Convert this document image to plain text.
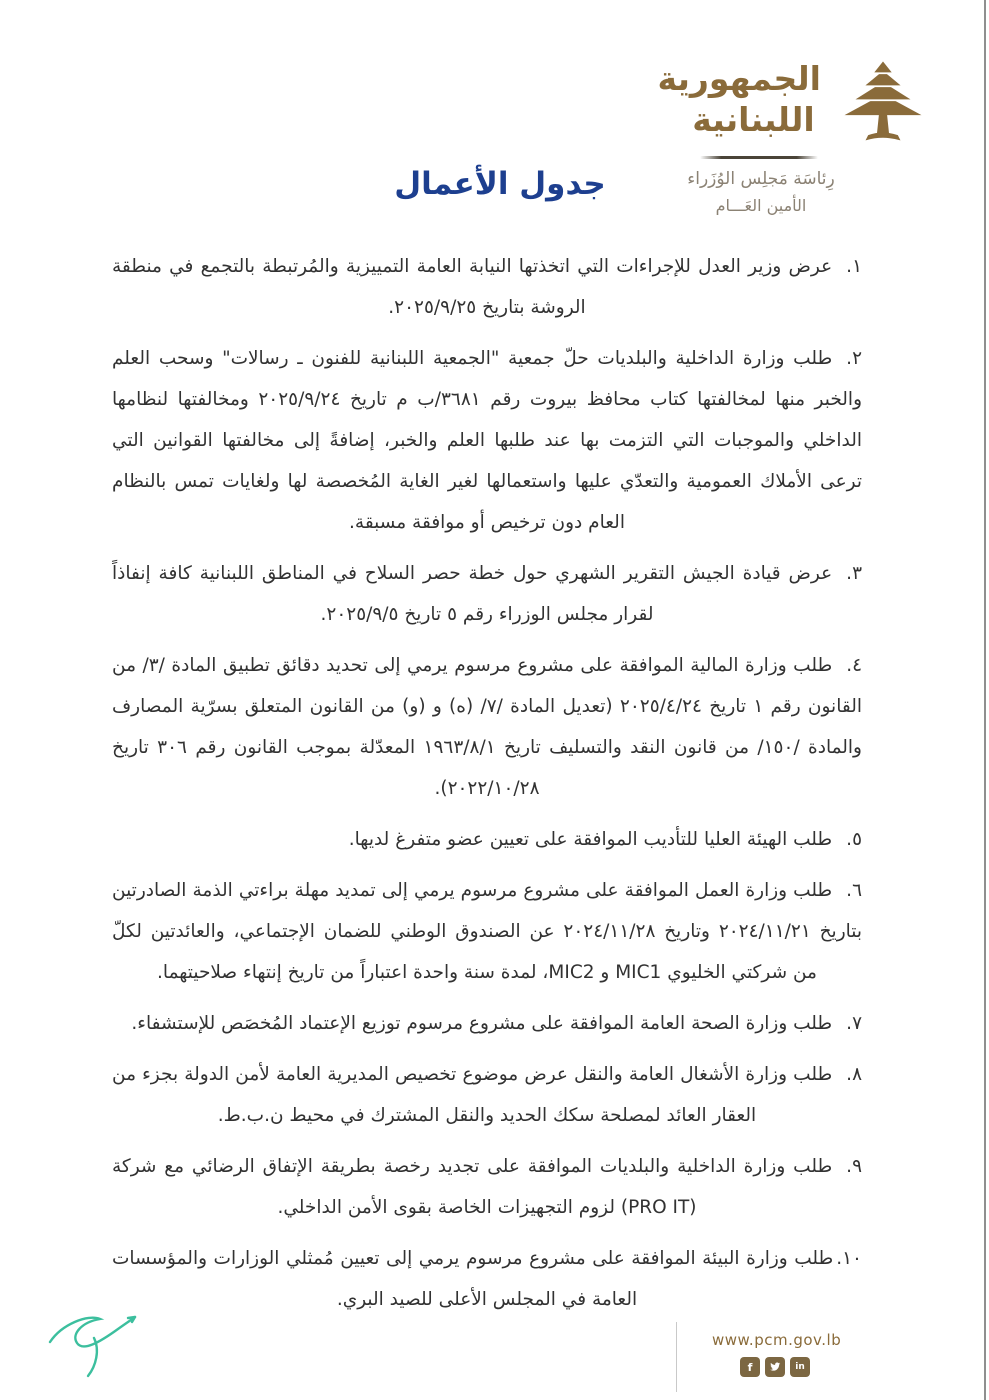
الجمهورية
اللبنانية
رِئاسَة مَجلِس الوُزَراء
الأمين العَـــام
جدول الأعمال

١.عرض وزير العدل للإجراءات التي اتخذتها النيابة العامة التمييزية والمُرتبطة بالتجمع في منطقة الروشة بتاريخ ٢٠٢٥/٩/٢٥.

٢.طلب وزارة الداخلية والبلديات حلّ جمعية "الجمعية اللبنانية للفنون ـ رسالات" وسحب العلم والخبر منها لمخالفتها كتاب محافظ بيروت رقم ٣٦٨١/ب م تاريخ ٢٠٢٥/٩/٢٤ ومخالفتها لنظامها الداخلي والموجبات التي التزمت بها عند طلبها العلم والخبر، إضافةً إلى مخالفتها القوانين التي ترعى الأملاك العمومية والتعدّي عليها واستعمالها لغير الغاية المُخصصة لها ولغايات تمس بالنظام العام دون ترخيص أو موافقة مسبقة.

٣.عرض قيادة الجيش التقرير الشهري حول خطة حصر السلاح في المناطق اللبنانية كافة إنفاذاً لقرار مجلس الوزراء رقم ٥ تاريخ ٢٠٢٥/٩/٥.

٤.طلب وزارة المالية الموافقة على مشروع مرسوم يرمي إلى تحديد دقائق تطبيق المادة /٣/ من القانون رقم ١ تاريخ ٢٠٢٥/٤/٢٤ (تعديل المادة /٧/ (ه) و (و) من القانون المتعلق بسرّية المصارف والمادة /١٥٠/ من قانون النقد والتسليف تاريخ ١٩٦٣/٨/١ المعدّلة بموجب القانون رقم ٣٠٦ تاريخ ٢٠٢٢/١٠/٢٨).

٥.طلب الهيئة العليا للتأديب الموافقة على تعيين عضو متفرغ لديها.

٦.طلب وزارة العمل الموافقة على مشروع مرسوم يرمي إلى تمديد مهلة براءتي الذمة الصادرتين بتاريخ ٢٠٢٤/١١/٢١ وتاريخ ٢٠٢٤/١١/٢٨ عن الصندوق الوطني للضمان الإجتماعي، والعائدتين لكلّ من شركتي الخليوي MIC1 و MIC2، لمدة سنة واحدة اعتباراً من تاريخ إنتهاء صلاحيتهما.

٧.طلب وزارة الصحة العامة الموافقة على مشروع مرسوم توزيع الإعتماد المُخصَص للإستشفاء.

٨.طلب وزارة الأشغال العامة والنقل عرض موضوع تخصيص المديرية العامة لأمن الدولة بجزء من العقار العائد لمصلحة سكك الحديد والنقل المشترك في محيط ن.ب.ط.

٩.طلب وزارة الداخلية والبلديات الموافقة على تجديد رخصة بطريقة الإتفاق الرضائي مع شركة (PRO IT) لزوم التجهيزات الخاصة بقوى الأمن الداخلي.

١٠.طلب وزارة البيئة الموافقة على مشروع مرسوم يرمي إلى تعيين مُمثلي الوزارات والمؤسسات العامة في المجلس الأعلى للصيد البري.

www.pcm.gov.lb
f	in
